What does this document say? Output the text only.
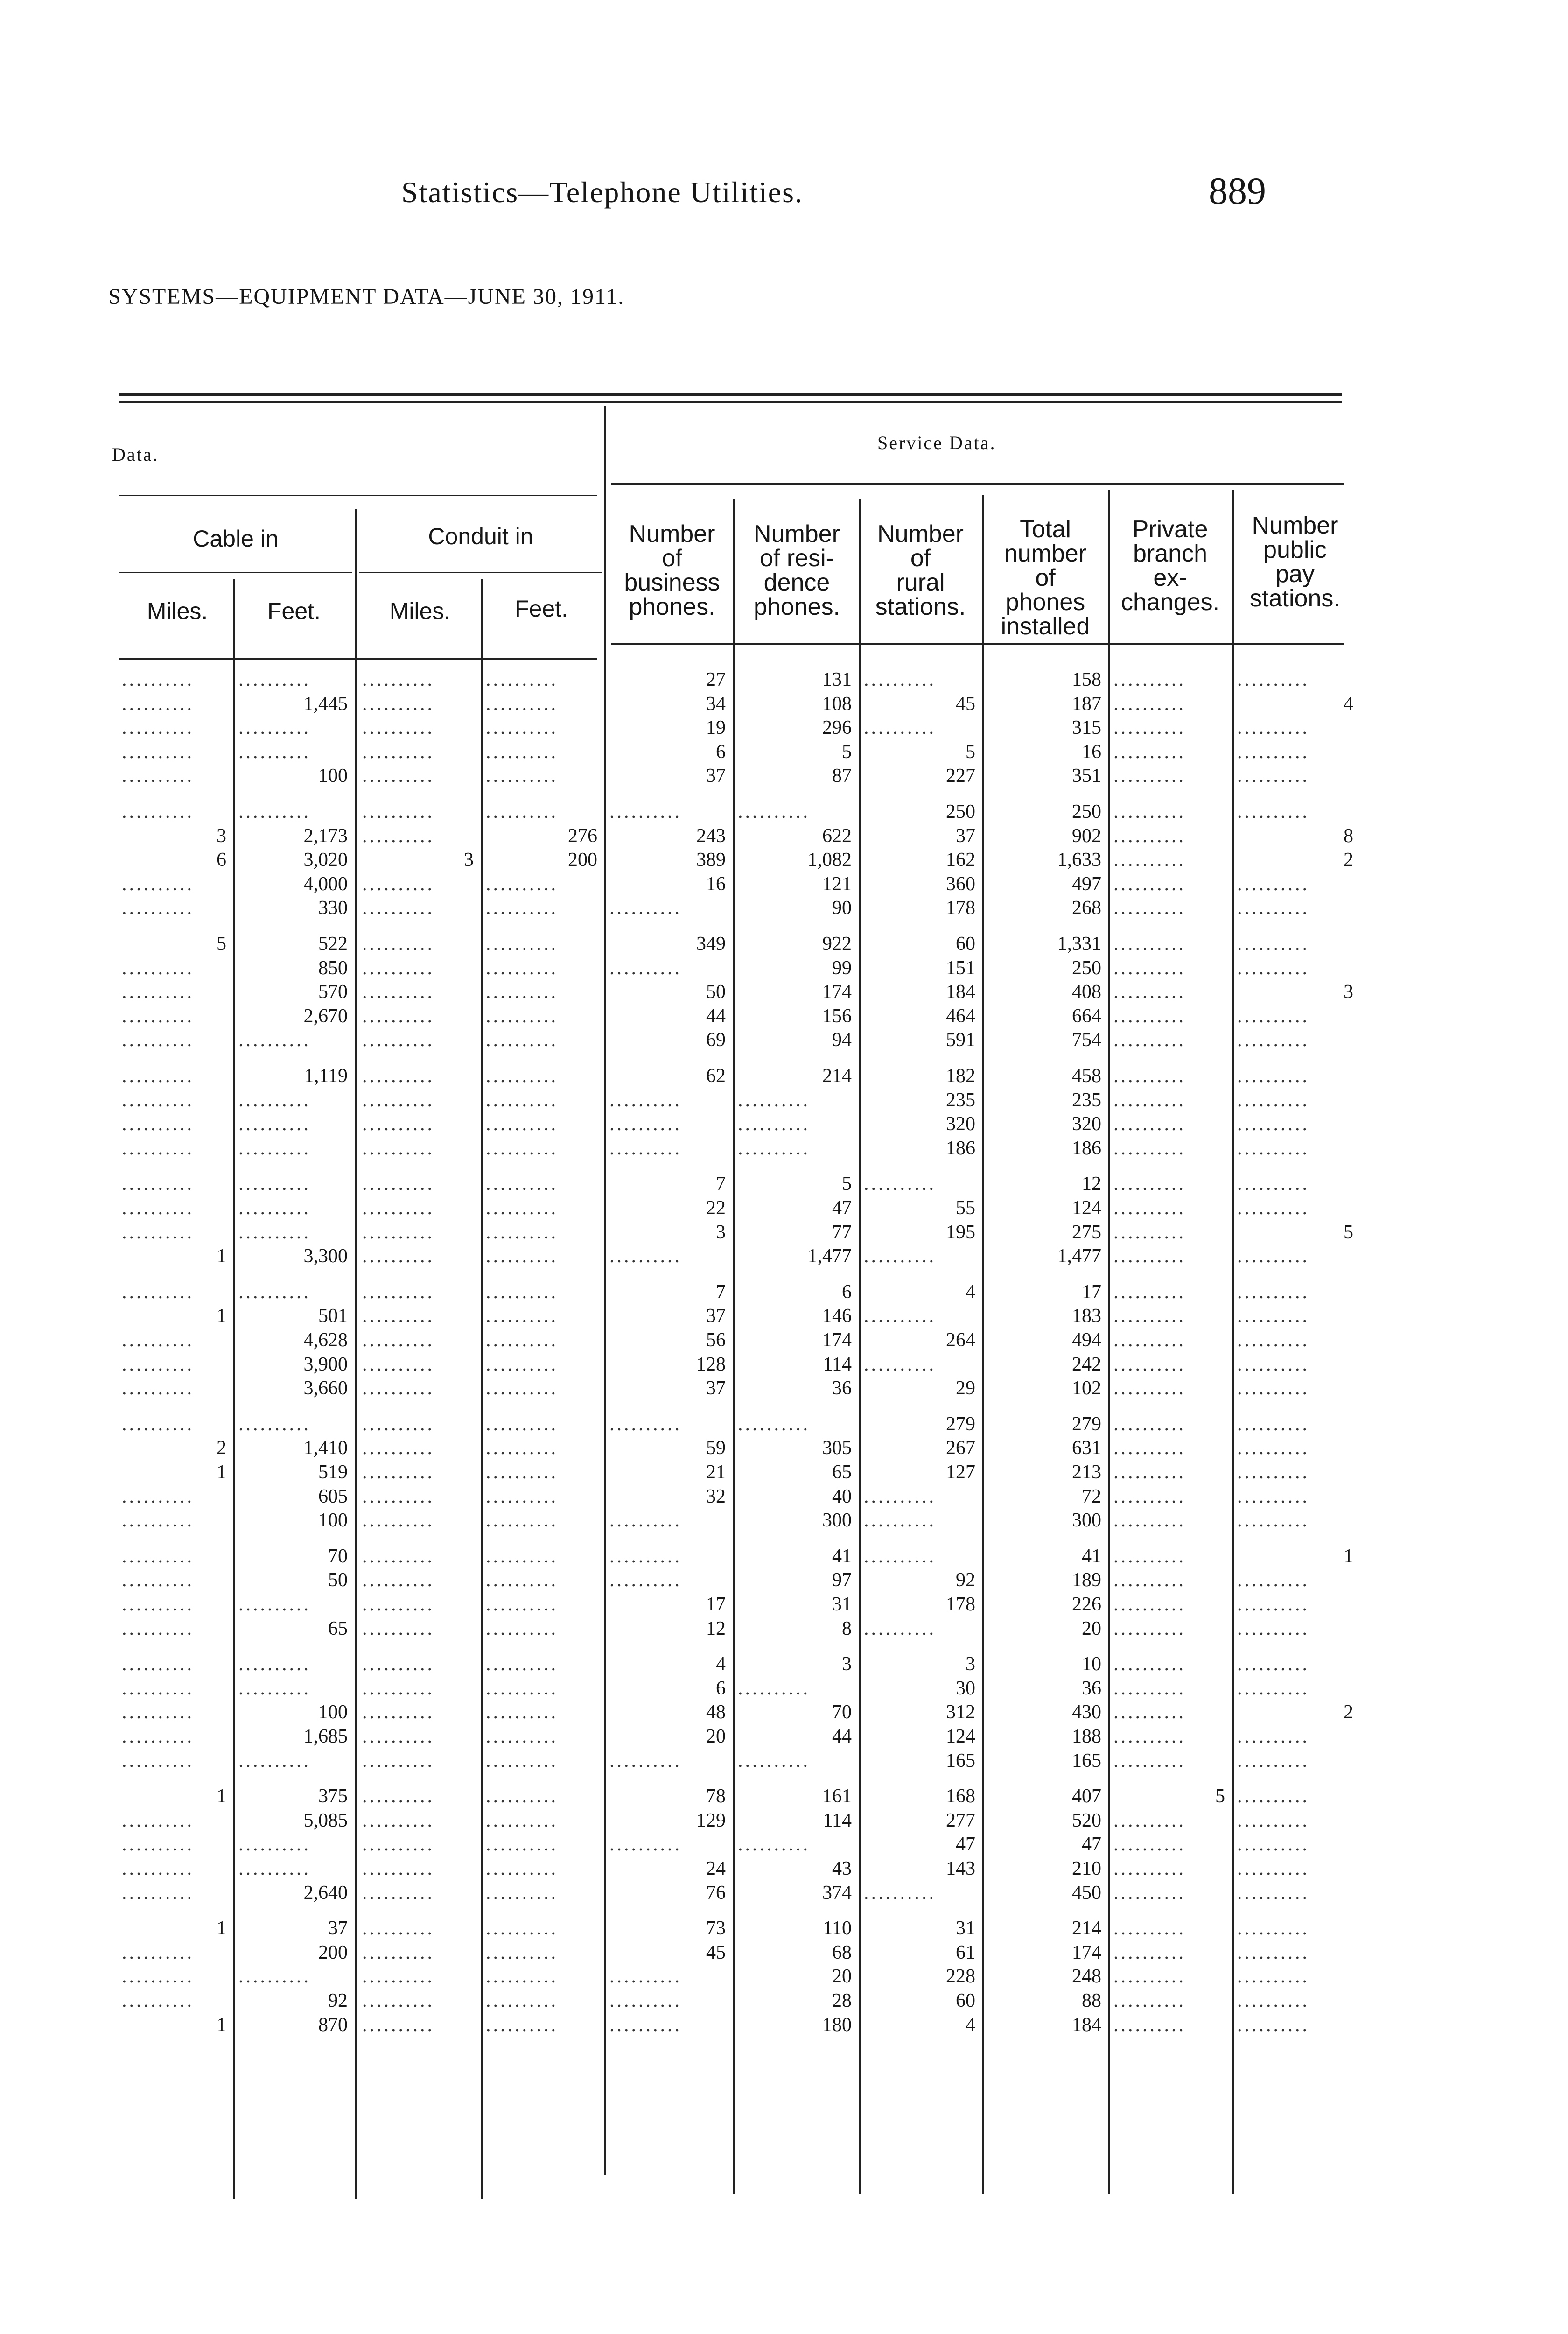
Statistics—Telephone Utilities.	889
SYSTEMS—EQUIPMENT DATA—JUNE 30, 1911.
Data.
Service Data.
Cable in	Conduit in
Miles.	Feet.	Miles.	Feet.
Number
of
business
phones.
Number
of resi-
dence
phones.
Number
of
rural
stations.
Total
number
of
phones
installed
Private
branch
ex-
changes.
Number
public
pay
stations.
..........	..........	..........	..........	27	131 ..........	158 ..........	..........
..........	1,445 ..........	..........	34	108	45	187 ..........	4
..........	..........	..........	..........	19	296 ..........	315 ..........	..........
..........	..........	..........	..........	6	5	5	16 ..........	..........
..........	100 ..........	..........	37	87	227	351 ..........	..........
..........	..........	..........	..........	..........	..........	250	250 ..........	..........
3	2,173 ..........	276	243	622	37	902 ..........	8
6	3,020	3	200	389	1,082	162	1,633 ..........	2
..........	4,000 ..........	..........	16	121	360	497 ..........	..........
..........	330 ..........	..........	..........	90	178	268 ..........	..........
5	522 ..........	..........	349	922	60	1,331 ..........	..........
..........	850 ..........	..........	..........	99	151	250 ..........	..........
..........	570 ..........	..........	50	174	184	408 ..........	3
..........	2,670 ..........	..........	44	156	464	664 ..........	..........
..........	..........	..........	..........	69	94	591	754 ..........	..........
..........	1,119 ..........	..........	62	214	182	458 ..........	..........
..........	..........	..........	..........	..........	..........	235	235 ..........	..........
..........	..........	..........	..........	..........	..........	320	320 ..........	..........
..........	..........	..........	..........	..........	..........	186	186 ..........	..........
..........	..........	..........	..........	7	5 ..........	12 ..........	..........
..........	..........	..........	..........	22	47	55	124 ..........	..........
..........	..........	..........	..........	3	77	195	275 ..........	5
1	3,300 ..........	..........	..........	1,477 ..........	1,477 ..........	..........
..........	..........	..........	..........	7	6	4	17 ..........	..........
1	501 ..........	..........	37	146 ..........	183 ..........	..........
..........	4,628 ..........	..........	56	174	264	494 ..........	..........
..........	3,900 ..........	..........	128	114 ..........	242 ..........	..........
..........	3,660 ..........	..........	37	36	29	102 ..........	..........
..........	..........	..........	..........	..........	..........	279	279 ..........	..........
2	1,410 ..........	..........	59	305	267	631 ..........	..........
1	519 ..........	..........	21	65	127	213 ..........	..........
..........	605 ..........	..........	32	40 ..........	72 ..........	..........
..........	100 ..........	..........	..........	300 ..........	300 ..........	..........
..........	70 ..........	..........	..........	41 ..........	41 ..........	1
..........	50 ..........	..........	..........	97	92	189 ..........	..........
..........	..........	..........	..........	17	31	178	226 ..........	..........
..........	65 ..........	..........	12	8 ..........	20 ..........	..........
..........	..........	..........	..........	4	3	3	10 ..........	..........
..........	..........	..........	..........	6 ..........	30	36 ..........	..........
..........	100 ..........	..........	48	70	312	430 ..........	2
..........	1,685 ..........	..........	20	44	124	188 ..........	..........
..........	..........	..........	..........	..........	..........	165	165 ..........	..........
1	375 ..........	..........	78	161	168	407	5 ..........
..........	5,085 ..........	..........	129	114	277	520 ..........	..........
..........	..........	..........	..........	..........	..........	47	47 ..........	..........
..........	..........	..........	..........	24	43	143	210 ..........	..........
..........	2,640 ..........	..........	76	374 ..........	450 ..........	..........
1	37 ..........	..........	73	110	31	214 ..........	..........
..........	200 ..........	..........	45	68	61	174 ..........	..........
..........	..........	..........	..........	..........	20	228	248 ..........	..........
..........	92 ..........	..........	..........	28	60	88 ..........	..........
1	870 ..........	..........	..........	180	4	184 ..........	..........
